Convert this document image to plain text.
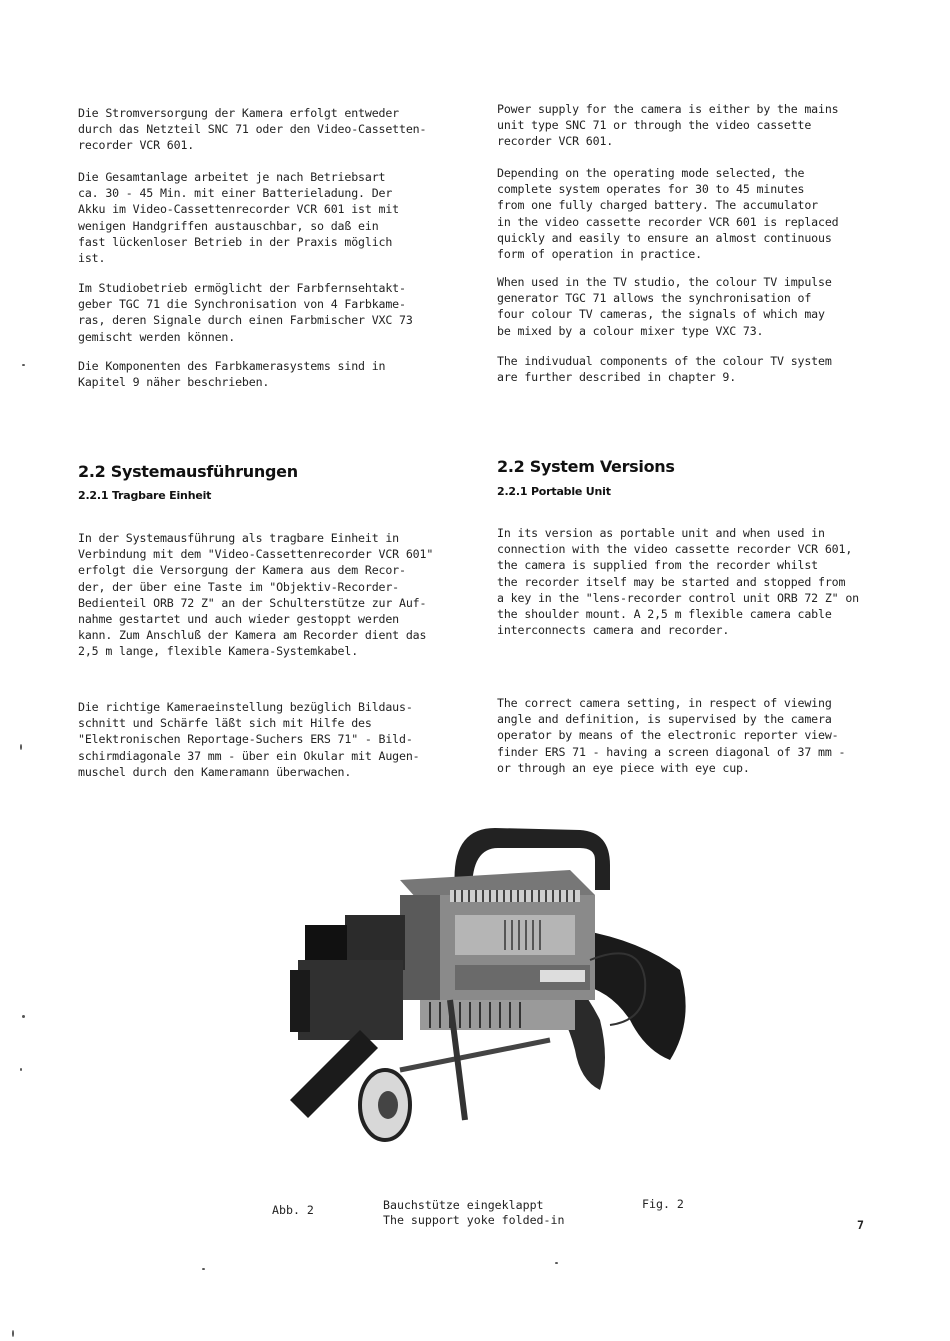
Die Stromversorgung der Kamera erfolgt entweder
durch das Netzteil SNC 71 oder den Video-Cassetten-
recorder VCR 601.

Die Gesamtanlage arbeitet je nach Betriebsart
ca. 30 - 45 Min. mit einer Batterieladung. Der
Akku im Video-Cassettenrecorder VCR 601 ist mit
wenigen Handgriffen austauschbar, so daß ein
fast lückenloser Betrieb in der Praxis möglich
ist.

Im Studiobetrieb ermöglicht der Farbfernsehtakt-
geber TGC 71 die Synchronisation von 4 Farbkame-
ras, deren Signale durch einen Farbmischer VXC 73
gemischt werden können.

Die Komponenten des Farbkamerasystems sind in
Kapitel 9 näher beschrieben.

2.2 Systemausführungen
2.2.1 Tragbare Einheit

In der Systemausführung als tragbare Einheit in
Verbindung mit dem "Video-Cassettenrecorder VCR 601"
erfolgt die Versorgung der Kamera aus dem Recor-
der, der über eine Taste im "Objektiv-Recorder-
Bedienteil ORB 72 Z" an der Schulterstütze zur Auf-
nahme gestartet und auch wieder gestoppt werden
kann. Zum Anschluß der Kamera am Recorder dient das
2,5 m lange, flexible Kamera-Systemkabel.

Die richtige Kameraeinstellung bezüglich Bildaus-
schnitt und Schärfe läßt sich mit Hilfe des
"Elektronischen Reportage-Suchers ERS 71" - Bild-
schirmdiagonale 37 mm - über ein Okular mit Augen-
muschel durch den Kameramann überwachen.

Power supply for the camera is either by the mains
unit type SNC 71 or through the video cassette
recorder VCR 601.

Depending on the operating mode selected, the
complete system operates for 30 to 45 minutes
from one fully charged battery. The accumulator
in the video cassette recorder VCR 601 is replaced
quickly and easily to ensure an almost continuous
form of operation in practice.

When used in the TV studio, the colour TV impulse
generator TGC 71 allows the synchronisation of
four colour TV cameras, the signals of which may
be mixed by a colour mixer type VXC 73.

The indivudual components of the colour TV system
are further described in chapter 9.

2.2 System Versions
2.2.1 Portable Unit

In its version as portable unit and when used in
connection with the video cassette recorder VCR 601,
the camera is supplied from the recorder whilst
the recorder itself may be started and stopped from
a key in the "lens-recorder control unit ORB 72 Z" on
the shoulder mount. A 2,5 m flexible camera cable
interconnects camera and recorder.

The correct camera setting, in respect of viewing
angle and definition, is supervised by the camera
operator by means of the electronic reporter view-
finder ERS 71 - having a screen diagonal of 37 mm -
or through an eye piece with eye cup.

Abb. 2	Bauchstütze eingeklappt
The support yoke folded-in

Fig. 2

7
